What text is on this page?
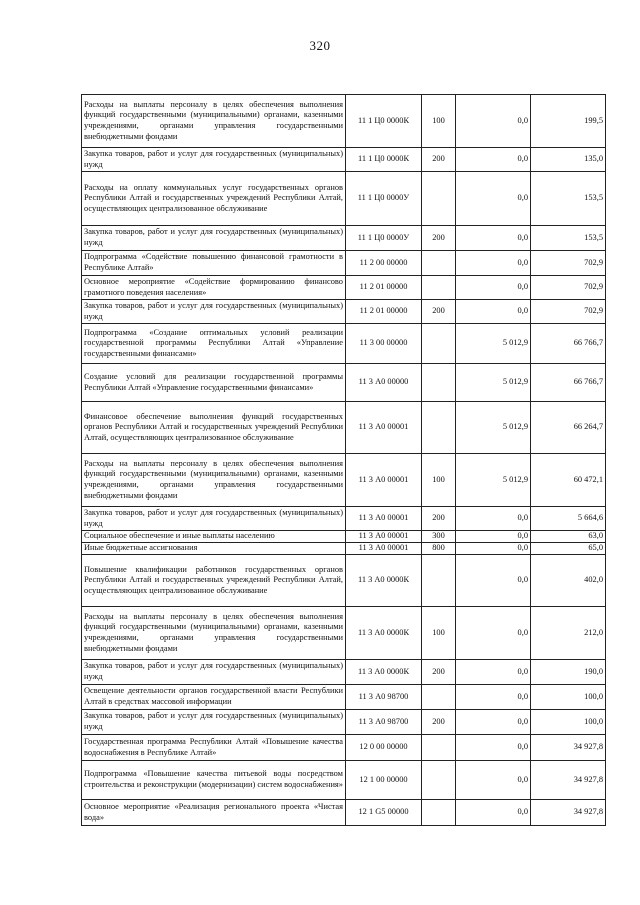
320
Расходы на выплаты персоналу в целях обеспечения выполнения функций государственными (муниципальными) органами, казенными учреждениями, органами управления государственными внебюджетными фондами	11 1 Ц0 0000К	100	0,0	199,5
Закупка товаров, работ и услуг для государственных (муниципальных) нужд	11 1 Ц0 0000К	200	0,0	135,0
Расходы на оплату коммунальных услуг государственных органов Республики Алтай и государственных учреждений Республики Алтай, осуществляющих централизованное обслуживание	11 1 Ц0 0000У		0,0	153,5
Закупка товаров, работ и услуг для государственных (муниципальных) нужд	11 1 Ц0 0000У	200	0,0	153,5
Подпрограмма «Содействие повышению финансовой грамотности в Республике Алтай»	11 2 00 00000		0,0	702,9
Основное мероприятие «Содействие формированию финансово грамотного поведения населения»	11 2 01 00000		0,0	702,9
Закупка товаров, работ и услуг для государственных (муниципальных) нужд	11 2 01 00000	200	0,0	702,9
Подпрограмма «Создание оптимальных условий реализации государственной программы Республики Алтай «Управление государственными финансами»	11 3 00 00000		5 012,9	66 766,7
Создание условий для реализации государственной программы Республики Алтай «Управление государственными финансами»	11 3 А0 00000		5 012,9	66 766,7
Финансовое обеспечение выполнения функций государственных органов Республики Алтай и государственных учреждений Республики Алтай, осуществляющих централизованное обслуживание	11 3 А0 00001		5 012,9	66 264,7
Расходы на выплаты персоналу в целях обеспечения выполнения функций государственными (муниципальными) органами, казенными учреждениями, органами управления государственными внебюджетными фондами	11 3 А0 00001	100	5 012,9	60 472,1
Закупка товаров, работ и услуг для государственных (муниципальных) нужд	11 3 А0 00001	200	0,0	5 664,6
Социальное обеспечение и иные выплаты населению	11 3 А0 00001	300	0,0	63,0
Иные бюджетные ассигнования	11 3 А0 00001	800	0,0	65,0
Повышение квалификации работников государственных органов Республики Алтай и государственных учреждений Республики Алтай, осуществляющих централизованное обслуживание	11 3 А0 0000К		0,0	402,0
Расходы на выплаты персоналу в целях обеспечения выполнения функций государственными (муниципальными) органами, казенными учреждениями, органами управления государственными внебюджетными фондами	11 3 А0 0000К	100	0,0	212,0
Закупка товаров, работ и услуг для государственных (муниципальных) нужд	11 3 А0 0000К	200	0,0	190,0
Освещение деятельности органов государственной власти Республики Алтай в средствах массовой информации	11 3 А0 98700		0,0	100,0
Закупка товаров, работ и услуг для государственных (муниципальных) нужд	11 3 А0 98700	200	0,0	100,0
Государственная программа Республики Алтай «Повышение качества водоснабжения в Республике Алтай»	12 0 00 00000		0,0	34 927,8
Подпрограмма «Повышение качества питьевой воды посредством строительства и реконструкции (модернизации) систем водоснабжения»	12 1 00 00000		0,0	34 927,8
Основное мероприятие «Реализация регионального проекта «Чистая вода»	12 1 G5 00000		0,0	34 927,8
